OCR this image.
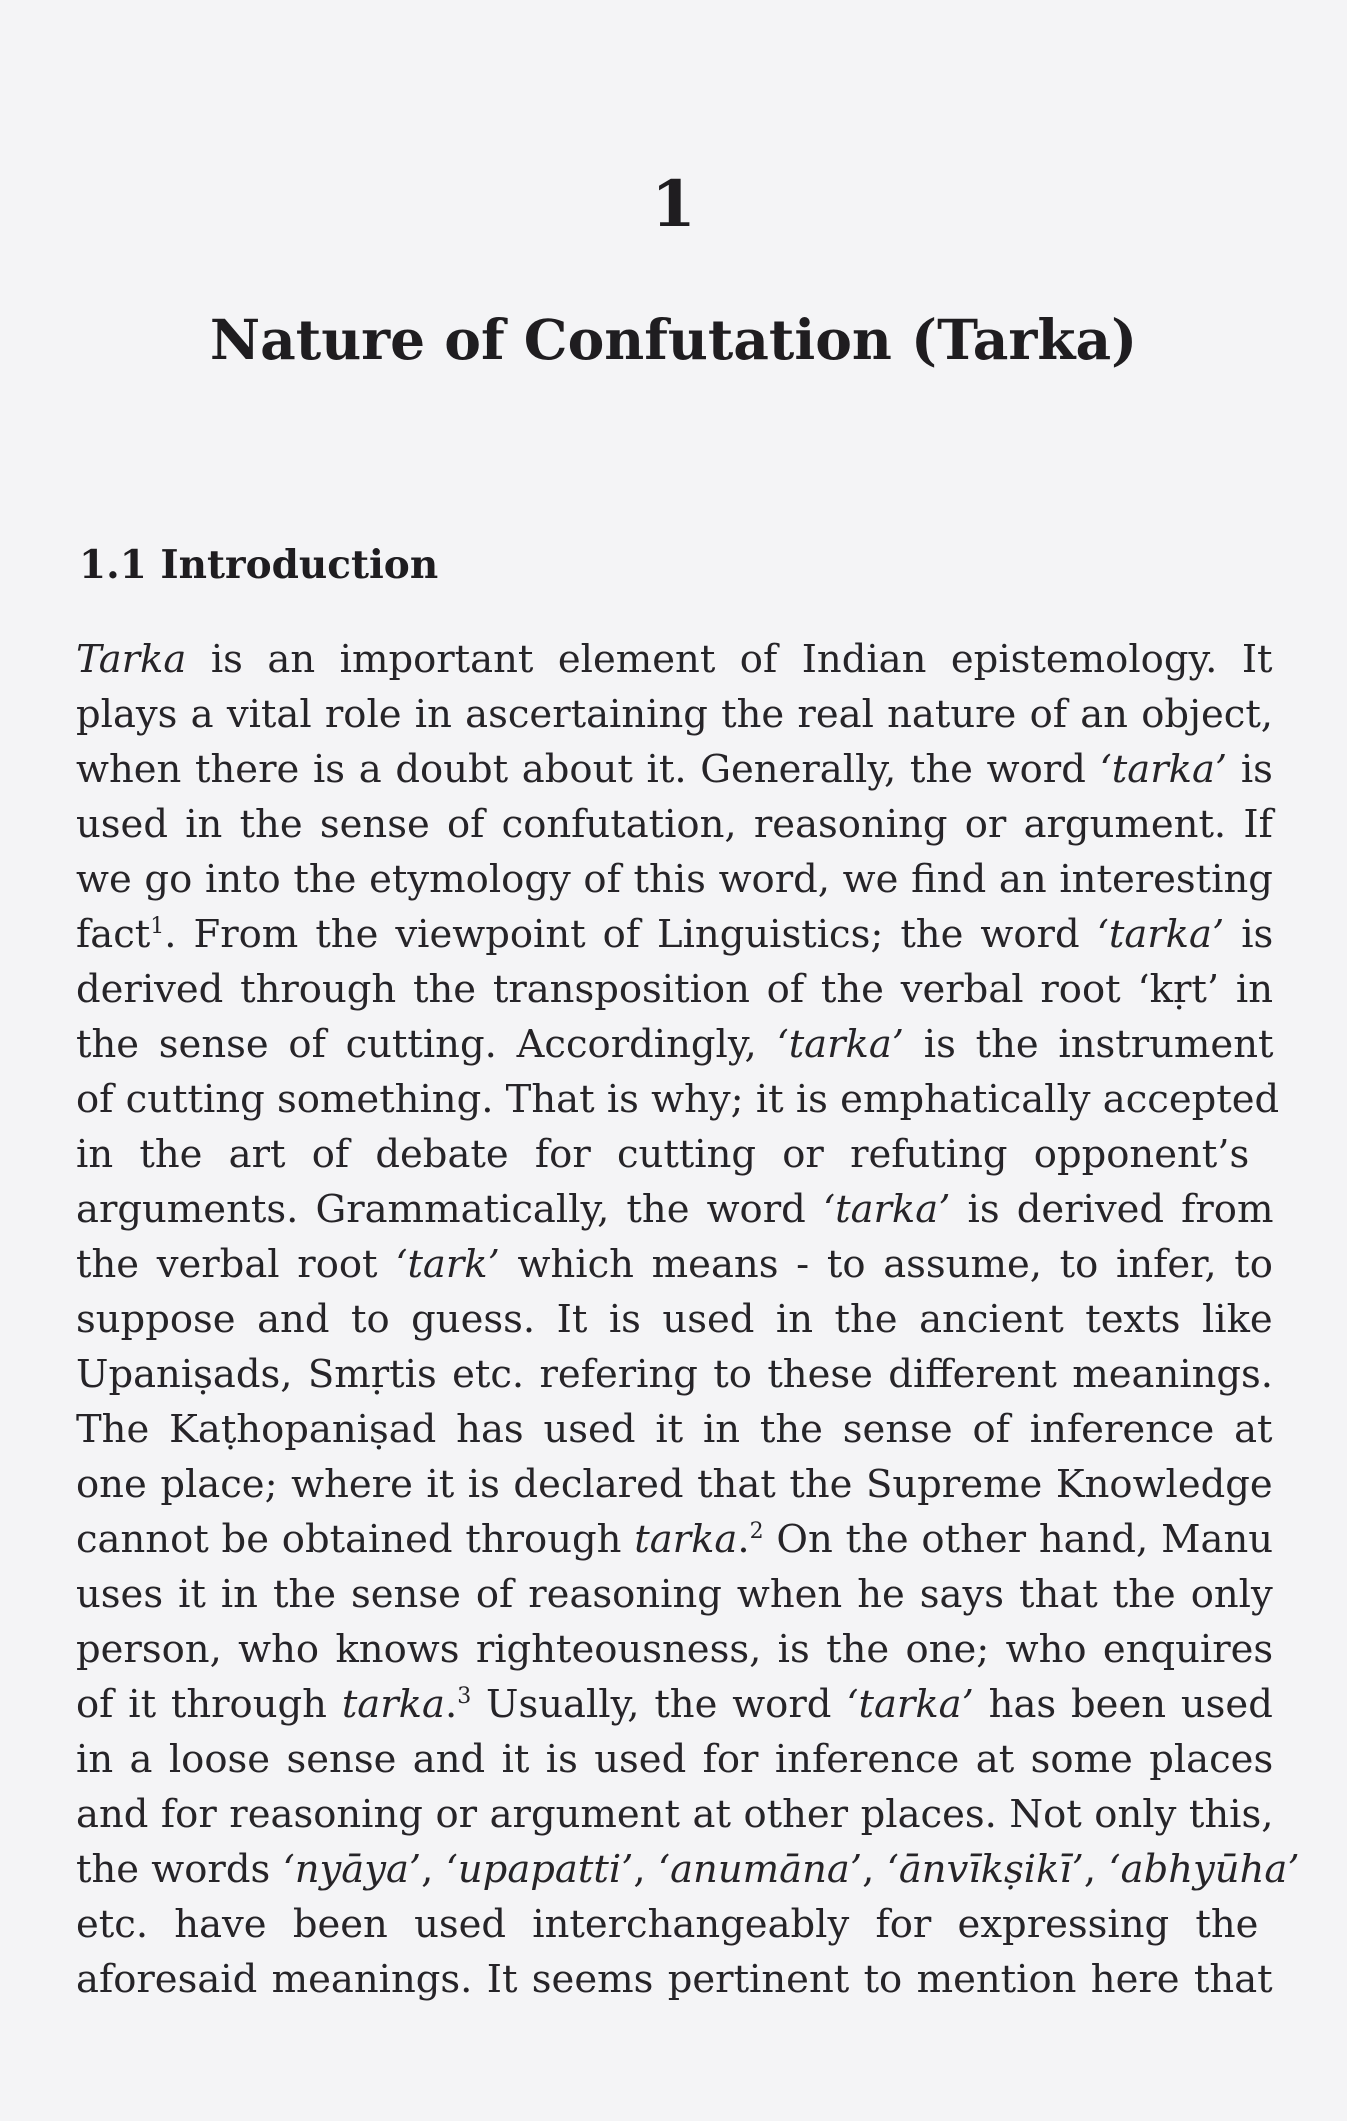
1
Nature of Confutation (Tarka)
1.1 Introduction
Tarka is an important element of Indian epistemology. It
plays a vital role in ascertaining the real nature of an object,
when there is a doubt about it. Generally, the word ‘tarka’ is
used in the sense of confutation, reasoning or argument. If
we go into the etymology of this word, we find an interesting
fact$^1$. From the viewpoint of Linguistics; the word ‘tarka’ is
derived through the transposition of the verbal root ‘kṛt’ in
the sense of cutting. Accordingly, ‘tarka’ is the instrument
of cutting something. That is why; it is emphatically accepted
in the art of debate for cutting or refuting opponent’s
arguments. Grammatically, the word ‘tarka’ is derived from
the verbal root ‘tark’ which means - to assume, to infer, to
suppose and to guess. It is used in the ancient texts like
Upaniṣads, Smṛtis etc. refering to these different meanings.
The Kaṭhopaniṣad has used it in the sense of inference at
one place; where it is declared that the Supreme Knowledge
cannot be obtained through tarka.$^2$ On the other hand, Manu
uses it in the sense of reasoning when he says that the only
person, who knows righteousness, is the one; who enquires
of it through tarka.$^3$ Usually, the word ‘tarka’ has been used
in a loose sense and it is used for inference at some places
and for reasoning or argument at other places. Not only this,
the words ‘nyāya’, ‘upapatti’, ‘anumāna’, ‘ānvīkṣikī’, ‘abhyūha’
etc. have been used interchangeably for expressing the
aforesaid meanings. It seems pertinent to mention here that
